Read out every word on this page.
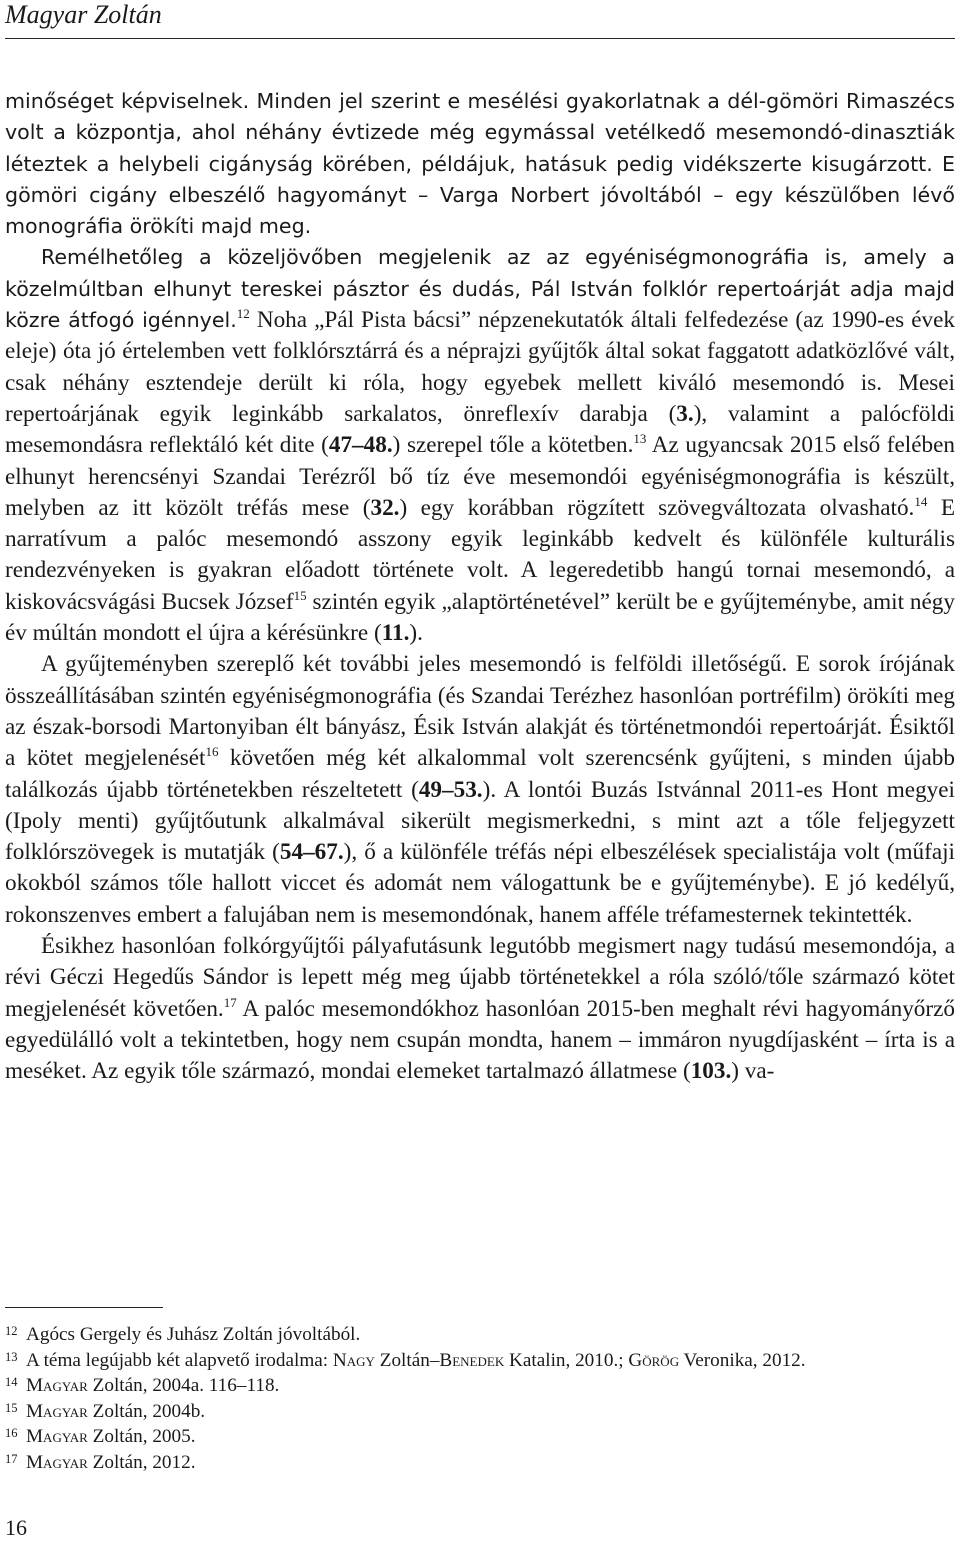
Magyar Zoltán

minőséget képviselnek. Minden jel szerint e mesélési gyakorlatnak a dél-gömöri Rimaszécs volt a központja, ahol néhány évtizede még egymással vetélkedő mesemondó-dinasztiák léteztek a helybeli cigányság körében, példájuk, hatásuk pedig vidékszerte kisugárzott. E gömöri cigány elbeszélő hagyományt – Varga Norbert jóvoltából – egy készülőben lévő monográfia örökíti majd meg.

Remélhetőleg a közeljövőben megjelenik az az egyéniségmonográfia is, amely a közelmúltban elhunyt tereskei pásztor és dudás, Pál István folklór repertoárját adja majd közre átfogó igénnyel.$^{12}$ Noha „Pál Pista bácsi” népzenekutatók általi felfedezése (az 1990-es évek eleje) óta jó értelemben vett folklórsztárrá és a néprajzi gyűjtők által sokat faggatott adatközlővé vált, csak néhány esztendeje derült ki róla, hogy egyebek mellett kiváló mesemondó is. Mesei repertoárjának egyik leginkább sarkalatos, önreflexív darabja (3.), valamint a palócföldi mesemondásra reflektáló két dite (47–48.) szerepel tőle a kötetben.$^{13}$ Az ugyancsak 2015 első felében elhunyt herencsényi Szandai Terézről bő tíz éve mesemondói egyéniségmonográfia is készült, melyben az itt közölt tréfás mese (32.) egy korábban rögzített szövegváltozata olvasható.$^{14}$ E narratívum a palóc mesemondó asszony egyik leginkább kedvelt és különféle kulturális rendezvényeken is gyakran előadott története volt. A legeredetibb hangú tornai mesemondó, a kiskovácsvágási Bucsek József$^{15}$ szintén egyik „alaptörténetével” került be e gyűjteménybe, amit négy év múltán mondott el újra a kérésünkre (11.).

A gyűjteményben szereplő két további jeles mesemondó is felföldi illetőségű. E sorok írójának összeállításában szintén egyéniségmonográfia (és Szandai Terézhez hasonlóan portréfilm) örökíti meg az észak-borsodi Martonyiban élt bányász, Ésik István alakját és történetmondói repertoárját. Ésiktől a kötet megjelenését$^{16}$ követően még két alkalommal volt szerencsénk gyűjteni, s minden újabb találkozás újabb történetekben részeltetett (49–53.). A lontói Buzás Istvánnal 2011-es Hont megyei (Ipoly menti) gyűjtőutunk alkalmával sikerült megismerkedni, s mint azt a tőle feljegyzett folklórszövegek is mutatják (54–67.), ő a különféle tréfás népi elbeszélések specialistája volt (műfaji okokból számos tőle hallott viccet és adomát nem válogattunk be e gyűjteménybe). E jó kedélyű, rokonszenves embert a falujában nem is mesemondónak, hanem afféle tréfamesternek tekintették.

Ésikhez hasonlóan folkórgyűjtői pályafutásunk legutóbb megismert nagy tudású mesemondója, a révi Géczi Hegedűs Sándor is lepett még meg újabb történetekkel a róla szóló/tőle származó kötet megjelenését követően.$^{17}$ A palóc mesemondókhoz hasonlóan 2015-ben meghalt révi hagyományőrző egyedülálló volt a tekintetben, hogy nem csupán mondta, hanem – immáron nyugdíjasként – írta is a meséket. Az egyik tőle származó, mondai elemeket tartalmazó állatmese (103.) va-

12 Agócs Gergely és Juhász Zoltán jóvoltából.
13 A téma legújabb két alapvető irodalma: Nagy Zoltán–Benedek Katalin, 2010.; Görög Veronika, 2012.
14 Magyar Zoltán, 2004a. 116–118.
15 Magyar Zoltán, 2004b.
16 Magyar Zoltán, 2005.
17 Magyar Zoltán, 2012.
16
